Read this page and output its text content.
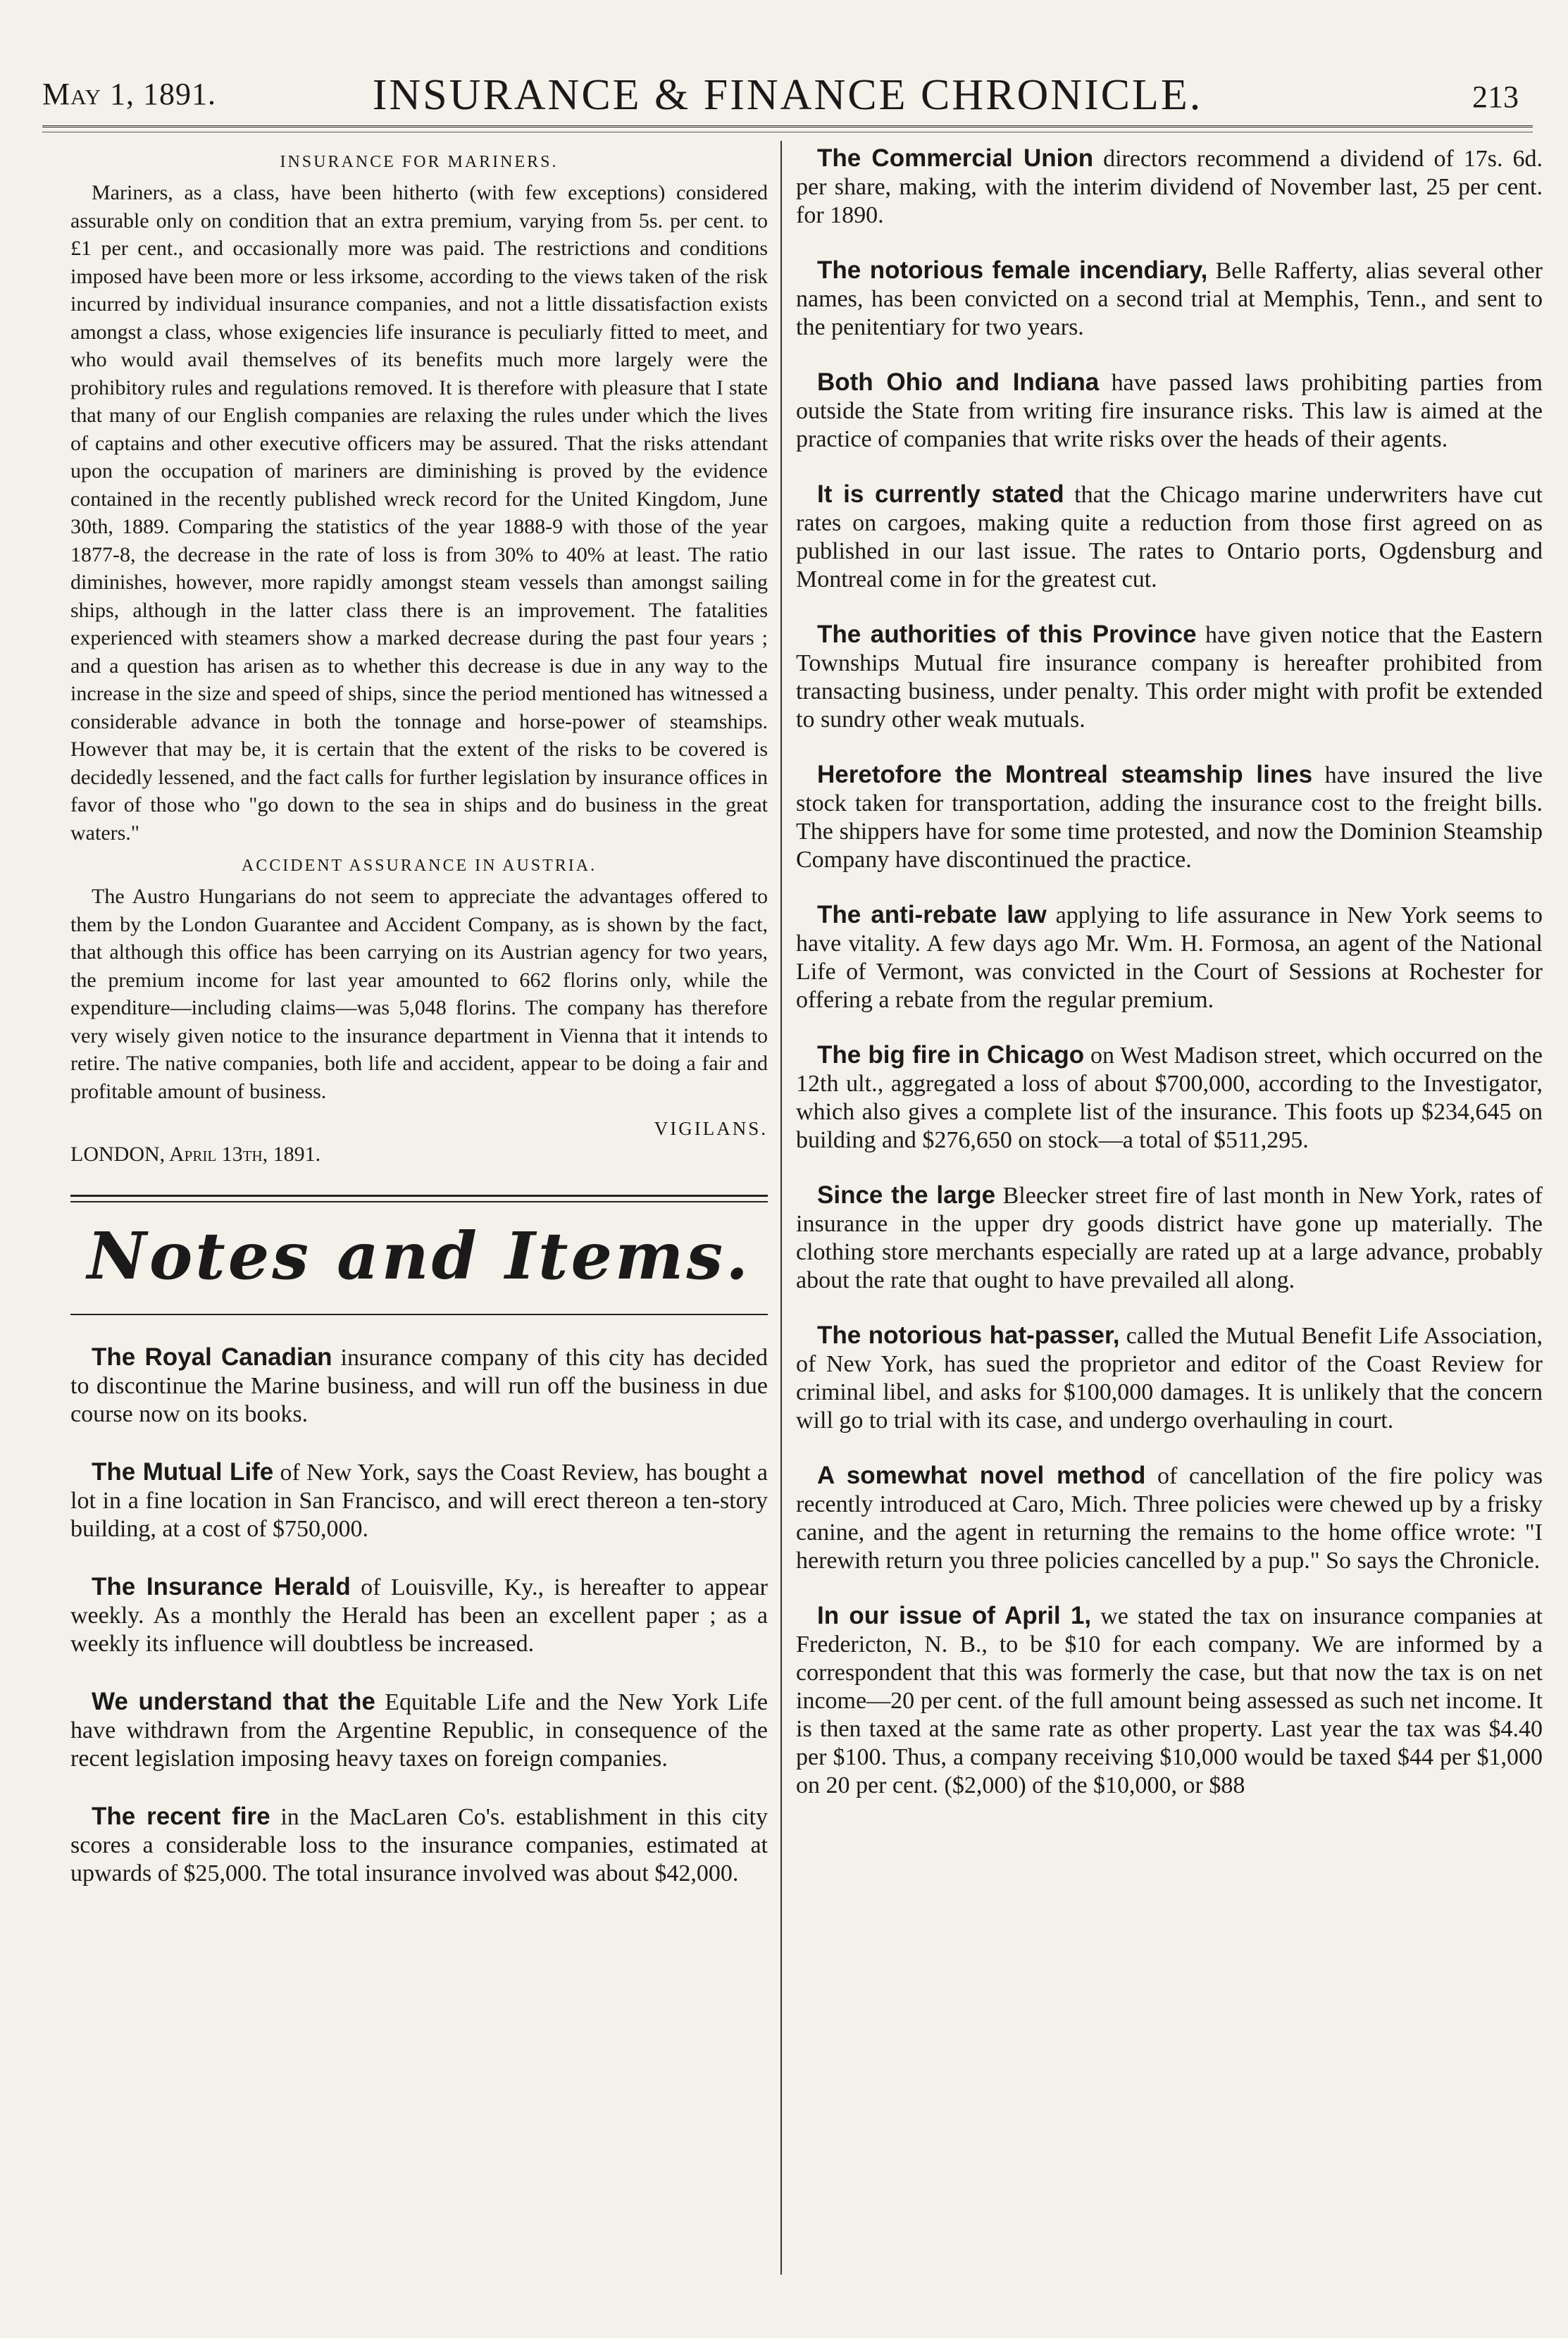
May 1, 1891.	INSURANCE & FINANCE CHRONICLE.	213
INSURANCE FOR MARINERS.

Mariners, as a class, have been hitherto (with few exceptions) considered assurable only on condition that an extra premium, varying from 5s. per cent. to £1 per cent., and occasionally more was paid. The restrictions and conditions imposed have been more or less irksome, according to the views taken of the risk incurred by individual insurance companies, and not a little dissatisfaction exists amongst a class, whose exigencies life insurance is peculiarly fitted to meet, and who would avail themselves of its benefits much more largely were the prohibitory rules and regulations removed. It is therefore with pleasure that I state that many of our English companies are relaxing the rules under which the lives of captains and other executive officers may be assured. That the risks attendant upon the occupation of mariners are diminishing is proved by the evidence contained in the recently published wreck record for the United Kingdom, June 30th, 1889. Comparing the statistics of the year 1888-9 with those of the year 1877-8, the decrease in the rate of loss is from 30% to 40% at least. The ratio diminishes, however, more rapidly amongst steam vessels than amongst sailing ships, although in the latter class there is an improvement. The fatalities experienced with steamers show a marked decrease during the past four years ; and a question has arisen as to whether this decrease is due in any way to the increase in the size and speed of ships, since the period mentioned has witnessed a considerable advance in both the tonnage and horse-power of steamships. However that may be, it is certain that the extent of the risks to be covered is decidedly lessened, and the fact calls for further legislation by insurance offices in favor of those who "go down to the sea in ships and do business in the great waters."

ACCIDENT ASSURANCE IN AUSTRIA.

The Austro Hungarians do not seem to appreciate the advantages offered to them by the London Guarantee and Accident Company, as is shown by the fact, that although this office has been carrying on its Austrian agency for two years, the premium income for last year amounted to 662 florins only, while the expenditure—including claims—was 5,048 florins. The company has therefore very wisely given notice to the insurance department in Vienna that it intends to retire. The native companies, both life and accident, appear to be doing a fair and profitable amount of business.

VIGILANS.
LONDON, April 13th, 1891.
Notes and Items.

The Royal Canadian insurance company of this city has decided to discontinue the Marine business, and will run off the business in due course now on its books.

The Mutual Life of New York, says the Coast Review, has bought a lot in a fine location in San Francisco, and will erect thereon a ten-story building, at a cost of $750,000.

The Insurance Herald of Louisville, Ky., is hereafter to appear weekly. As a monthly the Herald has been an excellent paper ; as a weekly its influence will doubtless be increased.

We understand that the Equitable Life and the New York Life have withdrawn from the Argentine Republic, in consequence of the recent legislation imposing heavy taxes on foreign companies.

The recent fire in the MacLaren Co's. establishment in this city scores a considerable loss to the insurance companies, estimated at upwards of $25,000. The total insurance involved was about $42,000.

The Commercial Union directors recommend a dividend of 17s. 6d. per share, making, with the interim dividend of November last, 25 per cent. for 1890.

The notorious female incendiary, Belle Rafferty, alias several other names, has been convicted on a second trial at Memphis, Tenn., and sent to the penitentiary for two years.

Both Ohio and Indiana have passed laws prohibiting parties from outside the State from writing fire insurance risks. This law is aimed at the practice of companies that write risks over the heads of their agents.

It is currently stated that the Chicago marine underwriters have cut rates on cargoes, making quite a reduction from those first agreed on as published in our last issue. The rates to Ontario ports, Ogdensburg and Montreal come in for the greatest cut.

The authorities of this Province have given notice that the Eastern Townships Mutual fire insurance company is hereafter prohibited from transacting business, under penalty. This order might with profit be extended to sundry other weak mutuals.

Heretofore the Montreal steamship lines have insured the live stock taken for transportation, adding the insurance cost to the freight bills. The shippers have for some time protested, and now the Dominion Steamship Company have discontinued the practice.

The anti-rebate law applying to life assurance in New York seems to have vitality. A few days ago Mr. Wm. H. Formosa, an agent of the National Life of Vermont, was convicted in the Court of Sessions at Rochester for offering a rebate from the regular premium.

The big fire in Chicago on West Madison street, which occurred on the 12th ult., aggregated a loss of about $700,000, according to the Investigator, which also gives a complete list of the insurance. This foots up $234,645 on building and $276,650 on stock—a total of $511,295.

Since the large Bleecker street fire of last month in New York, rates of insurance in the upper dry goods district have gone up materially. The clothing store merchants especially are rated up at a large advance, probably about the rate that ought to have prevailed all along.

The notorious hat-passer, called the Mutual Benefit Life Association, of New York, has sued the proprietor and editor of the Coast Review for criminal libel, and asks for $100,000 damages. It is unlikely that the concern will go to trial with its case, and undergo overhauling in court.

A somewhat novel method of cancellation of the fire policy was recently introduced at Caro, Mich. Three policies were chewed up by a frisky canine, and the agent in returning the remains to the home office wrote: "I herewith return you three policies cancelled by a pup." So says the Chronicle.

In our issue of April 1, we stated the tax on insurance companies at Fredericton, N. B., to be $10 for each company. We are informed by a correspondent that this was formerly the case, but that now the tax is on net income—20 per cent. of the full amount being assessed as such net income. It is then taxed at the same rate as other property. Last year the tax was $4.40 per $100. Thus, a company receiving $10,000 would be taxed $44 per $1,000 on 20 per cent. ($2,000) of the $10,000, or $88
